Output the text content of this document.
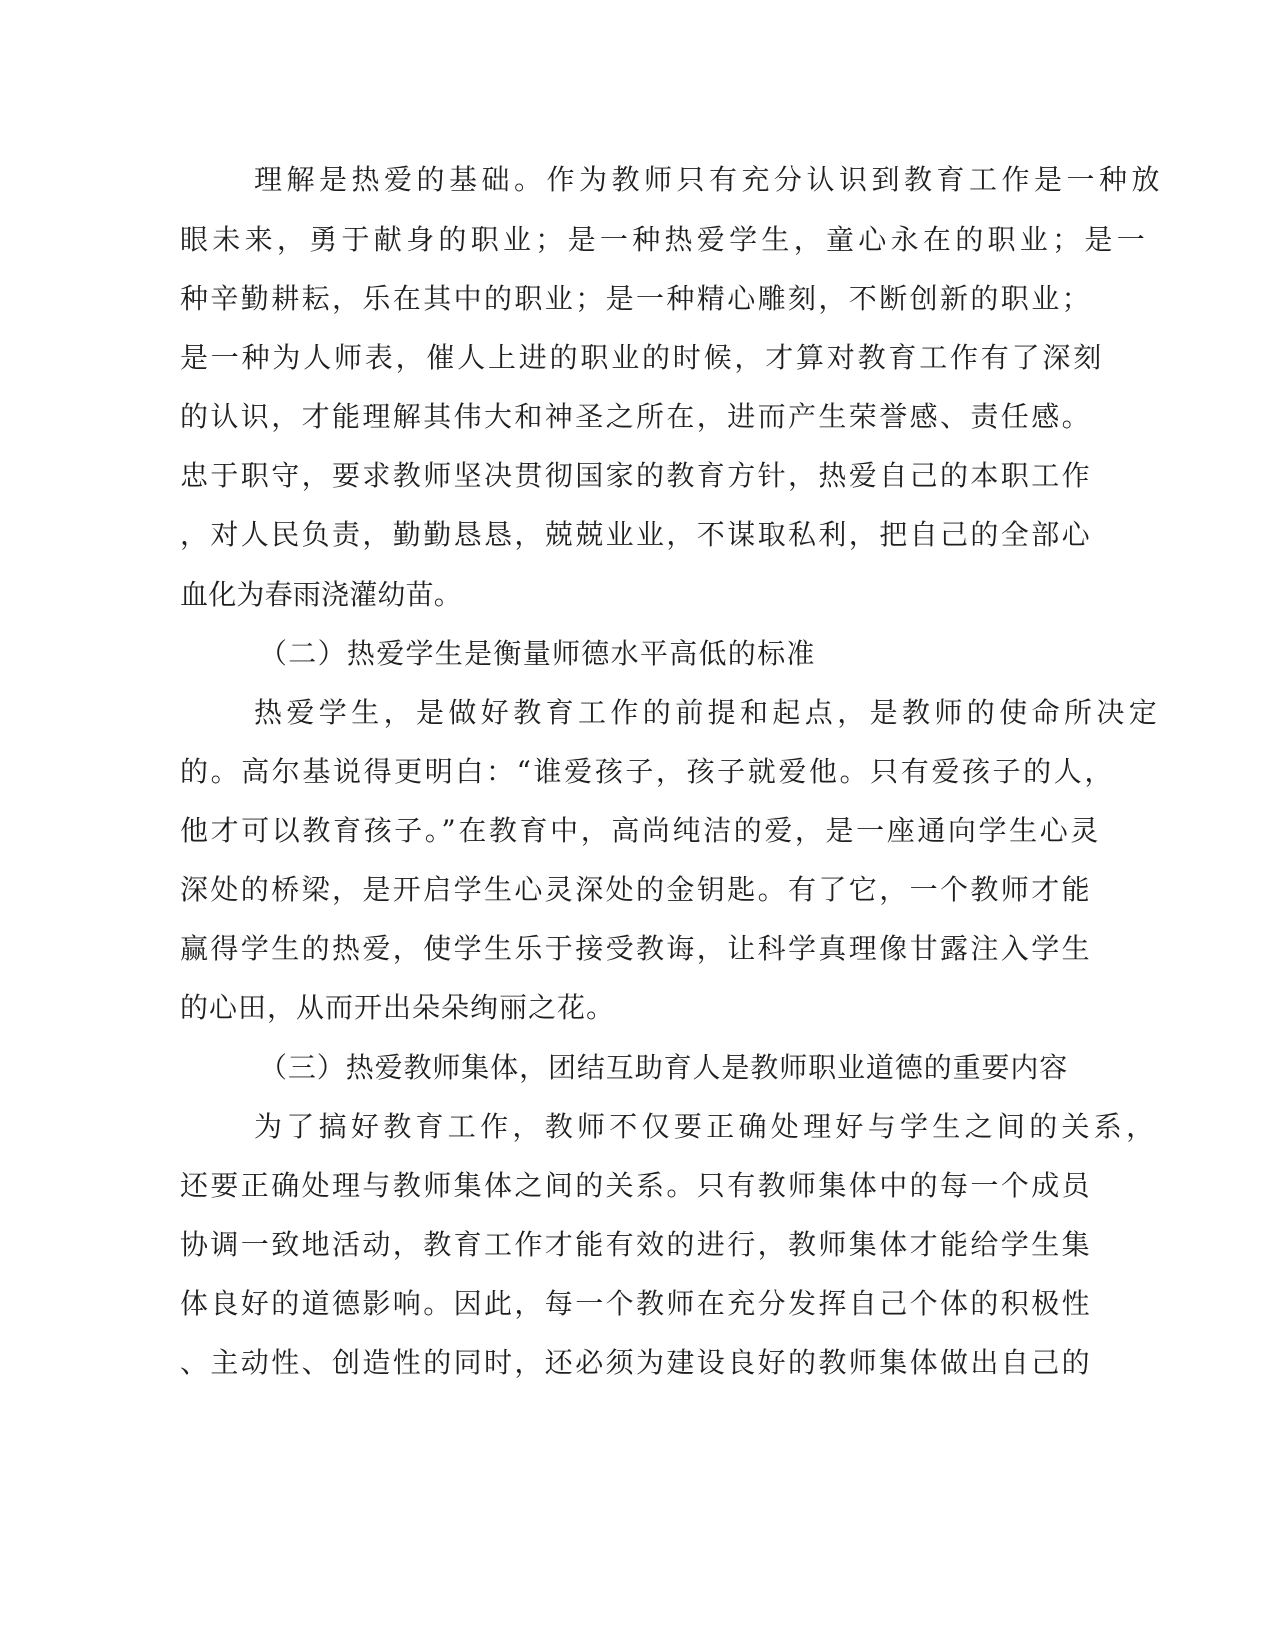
理解是热爱的基础。作为教师只有充分认识到教育工作是一种放
眼未来，勇于献身的职业；是一种热爱学生，童心永在的职业；是一
种辛勤耕耘，乐在其中的职业；是一种精心雕刻，不断创新的职业；
是一种为人师表，催人上进的职业的时候，才算对教育工作有了深刻
的认识，才能理解其伟大和神圣之所在，进而产生荣誉感、责任感。
忠于职守，要求教师坚决贯彻国家的教育方针，热爱自己的本职工作
，对人民负责，勤勤恳恳，兢兢业业，不谋取私利，把自己的全部心
血化为春雨浇灌幼苗。
（二）热爱学生是衡量师德水平高低的标准
热爱学生，是做好教育工作的前提和起点，是教师的使命所决定
的。高尔基说得更明白：“谁爱孩子，孩子就爱他。只有爱孩子的人，
他才可以教育孩子。”在教育中，高尚纯洁的爱，是一座通向学生心灵
深处的桥梁，是开启学生心灵深处的金钥匙。有了它，一个教师才能
赢得学生的热爱，使学生乐于接受教诲，让科学真理像甘露注入学生
的心田，从而开出朵朵绚丽之花。
（三）热爱教师集体，团结互助育人是教师职业道德的重要内容
为了搞好教育工作，教师不仅要正确处理好与学生之间的关系，
还要正确处理与教师集体之间的关系。只有教师集体中的每一个成员
协调一致地活动，教育工作才能有效的进行，教师集体才能给学生集
体良好的道德影响。因此，每一个教师在充分发挥自己个体的积极性
、主动性、创造性的同时，还必须为建设良好的教师集体做出自己的
